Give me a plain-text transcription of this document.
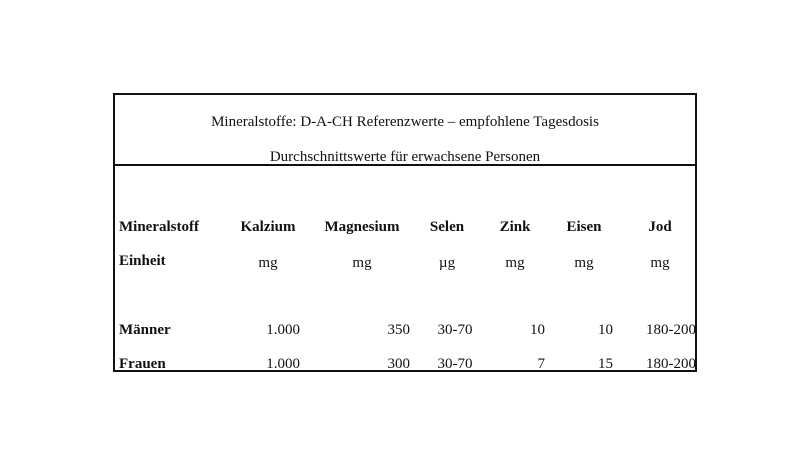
Mineralstoffe: D-A-CH Referenzwerte – empfohlene Tagesdosis
Durchschnittswerte für erwachsene Personen
Mineralstoff	Kalzium	Magnesium	Selen	Zink	Eisen	Jod
Einheit	mg	mg	µg	mg	mg	mg
Männer	1.000	350	30-70	10	10	180-200
Frauen	1.000	300	30-70	7	15	180-200
